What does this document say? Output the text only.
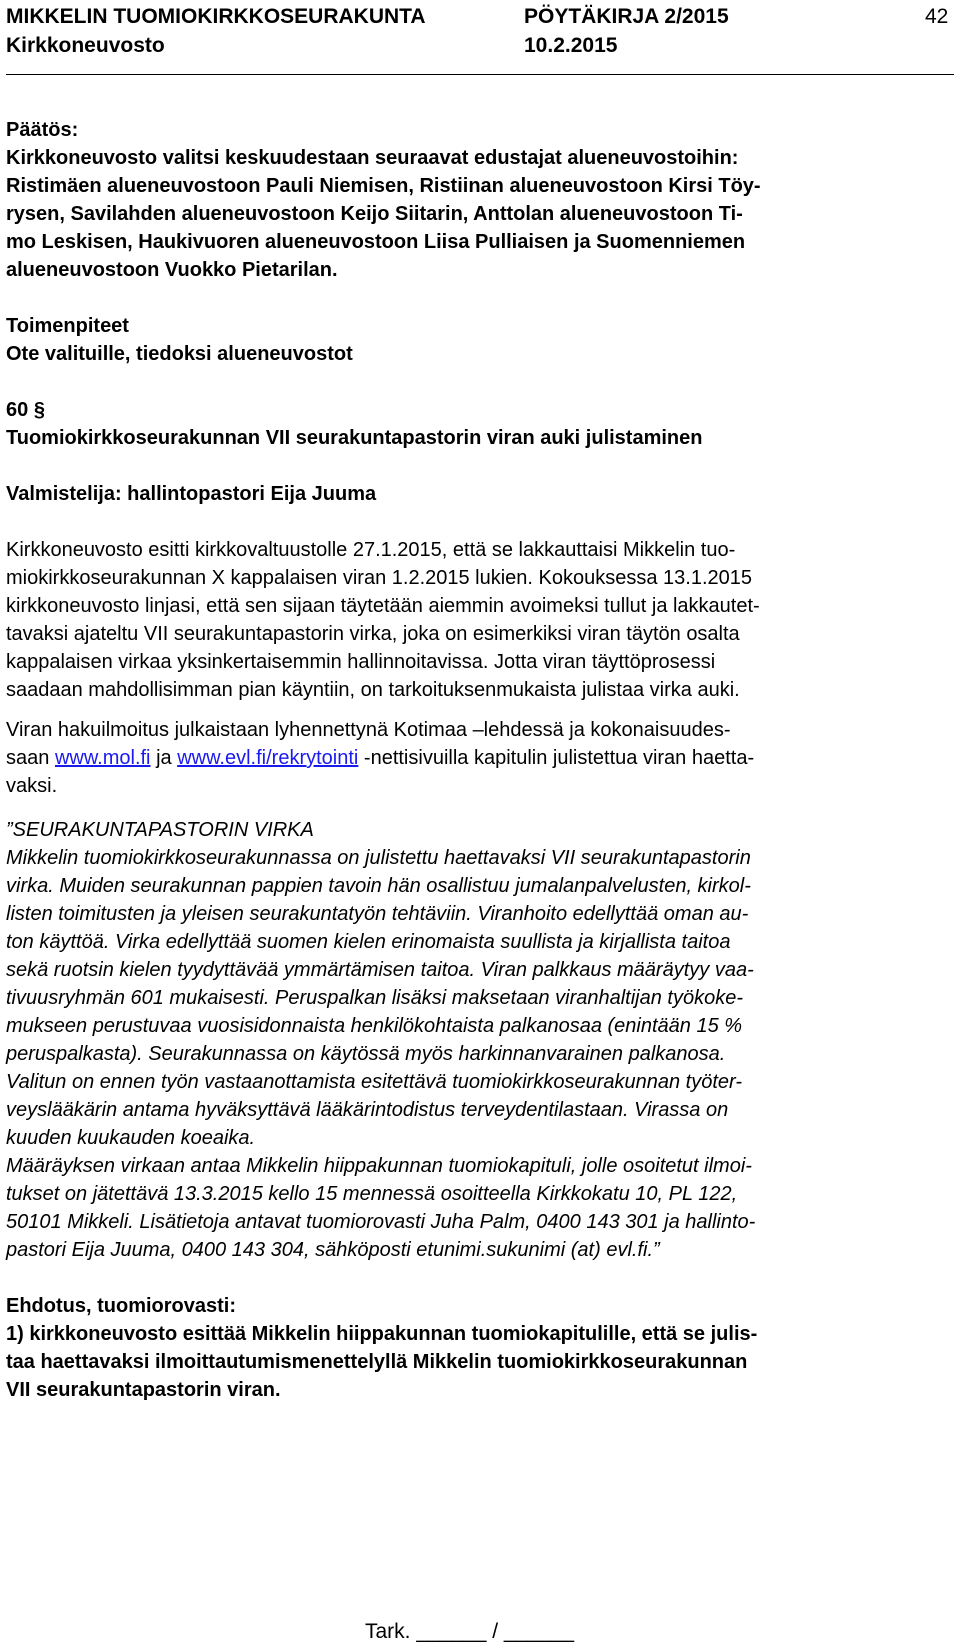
MIKKELIN TUOMIOKIRKKOSEURAKUNTA	PÖYTÄKIRJA 2/2015	42
Kirkkoneuvosto	10.2.2015

Päätös:

Kirkkoneuvosto valitsi keskuudestaan seuraavat edustajat alueneuvostoihin:

Ristimäen alueneuvostoon Pauli Niemisen, Ristiinan alueneuvostoon Kirsi Töy-

rysen, Savilahden alueneuvostoon Keijo Siitarin, Anttolan alueneuvostoon Ti-

mo Leskisen, Haukivuoren alueneuvostoon Liisa Pulliaisen ja Suomenniemen

alueneuvostoon Vuokko Pietarilan.

Toimenpiteet

Ote valituille, tiedoksi alueneuvostot

60 §

Tuomiokirkkoseurakunnan VII seurakuntapastorin viran auki julistaminen

Valmistelija: hallintopastori Eija Juuma

Kirkkoneuvosto esitti kirkkovaltuustolle 27.1.2015, että se lakkauttaisi Mikkelin tuo-

miokirkkoseurakunnan X kappalaisen viran 1.2.2015 lukien. Kokouksessa 13.1.2015

kirkkoneuvosto linjasi, että sen sijaan täytetään aiemmin avoimeksi tullut ja lakkautet-

tavaksi ajateltu VII seurakuntapastorin virka, joka on esimerkiksi viran täytön osalta

kappalaisen virkaa yksinkertaisemmin hallinnoitavissa. Jotta viran täyttöprosessi

saadaan mahdollisimman pian käyntiin, on tarkoituksenmukaista julistaa virka auki.

Viran hakuilmoitus julkaistaan lyhennettynä Kotimaa –lehdessä ja kokonaisuudes-

saan www.mol.fi ja www.evl.fi/rekrytointi -nettisivuilla kapitulin julistettua viran haetta-

vaksi.

”SEURAKUNTAPASTORIN VIRKA

Mikkelin tuomiokirkkoseurakunnassa on julistettu haettavaksi VII seurakuntapastorin

virka. Muiden seurakunnan pappien tavoin hän osallistuu jumalanpalvelusten, kirkol-

listen toimitusten ja yleisen seurakuntatyön tehtäviin. Viranhoito edellyttää oman au-

ton käyttöä. Virka edellyttää suomen kielen erinomaista suullista ja kirjallista taitoa

sekä ruotsin kielen tyydyttävää ymmärtämisen taitoa. Viran palkkaus määräytyy vaa-

tivuusryhmän 601 mukaisesti. Peruspalkan lisäksi maksetaan viranhaltijan työkoke-

mukseen perustuvaa vuosisidonnaista henkilökohtaista palkanosaa (enintään 15 %

peruspalkasta). Seurakunnassa on käytössä myös harkinnanvarainen palkanosa.

Valitun on ennen työn vastaanottamista esitettävä tuomiokirkkoseurakunnan työter-

veyslääkärin antama hyväksyttävä lääkärintodistus terveydentilastaan. Virassa on

kuuden kuukauden koeaika.

Määräyksen virkaan antaa Mikkelin hiippakunnan tuomiokapituli, jolle osoitetut ilmoi-

tukset on jätettävä 13.3.2015 kello 15 mennessä osoitteella Kirkkokatu 10, PL 122,

50101 Mikkeli. Lisätietoja antavat tuomiorovasti Juha Palm, 0400 143 301 ja hallinto-

pastori Eija Juuma, 0400 143 304, sähköposti etunimi.sukunimi (at) evl.fi.”

Ehdotus, tuomiorovasti:

1) kirkkoneuvosto esittää Mikkelin hiippakunnan tuomiokapitulille, että se julis-

taa haettavaksi ilmoittautumismenettelyllä Mikkelin tuomiokirkkoseurakunnan

VII seurakuntapastorin viran.

Tark. ______ / ______
